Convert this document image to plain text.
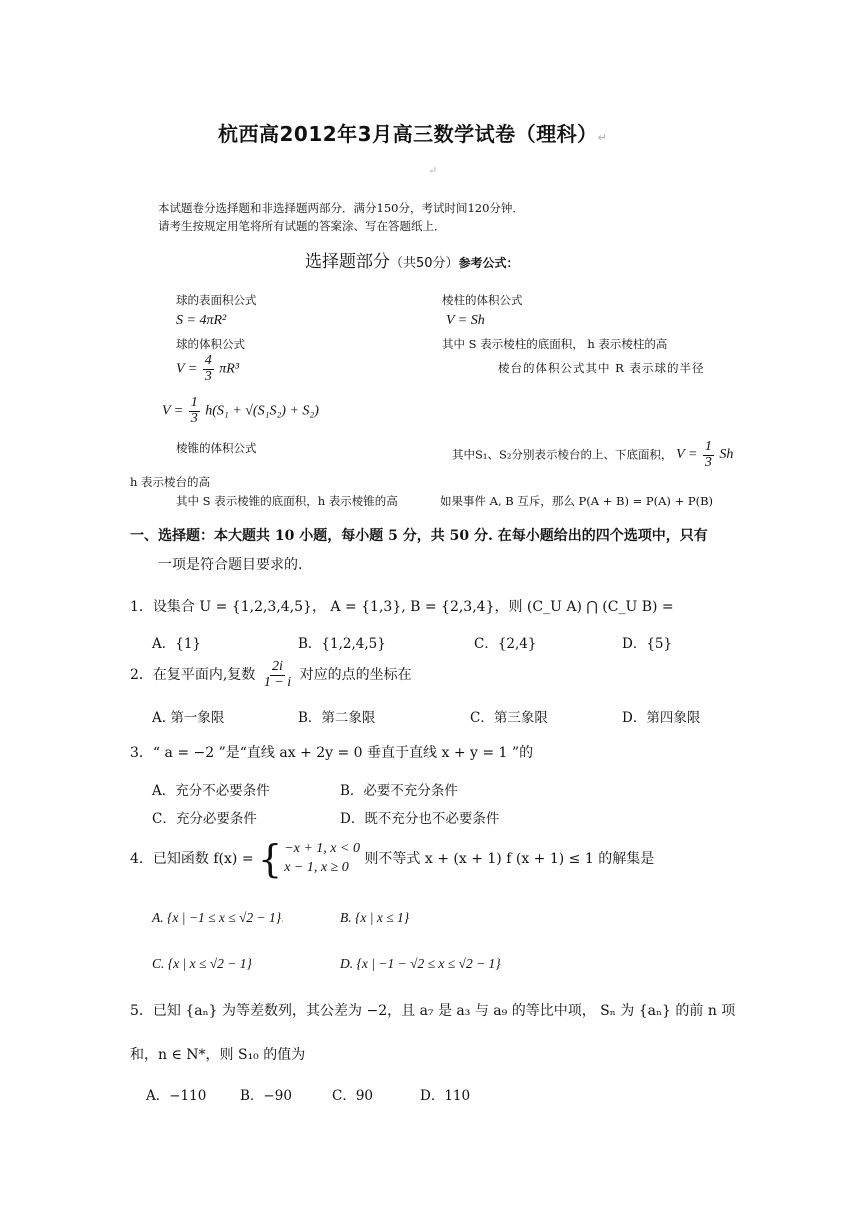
杭西高2012年3月高三数学试卷（理科）↵
↵
本试题卷分选择题和非选择题两部分．满分150分，考试时间120分钟．
请考生按规定用笔将所有试题的答案涂、写在答题纸上．
选择题部分（共50分）参考公式：
球的表面积公式
S = 4πR²
棱柱的体积公式
V = Sh
球的体积公式	其中 S 表示棱柱的底面积， h 表示棱柱的高
$V = \frac{4}{3} \pi R^3$	棱台的体积公式其中 R 表示球的半径
$V = \frac{1}{3} h(S_1 + √(S_1S_2) + S_2)$
棱锥的体积公式	其中S₁、S₂分别表示棱台的上、下底面积， $V = \frac{1}{3}$ Sh
h 表示棱台的高
其中 S 表示棱锥的底面积，h 表示棱锥的高	如果事件 A, B 互斥，那么 P(A + B) = P(A) + P(B)
一、选择题：本大题共 10 小题，每小题 5 分，共 50 分. 在每小题给出的四个选项中，只有
一项是符合题目要求的.
1．设集合 U = {1,2,3,4,5}， A = {1,3}, B = {2,3,4}，则 (C_U A) ⋂ (C_U B) =
A．{1}	B．{1,2,4,5}	C．{2,4}	D．{5}
2．在复平面内,复数 $\frac{2i}{1 - i}$ 对应的点的坐标在
A. 第一象限	B．第二象限	C．第三象限	D．第四象限
3．“ a = −2 ”是“直线 ax + 2y = 0 垂直于直线 x + y = 1 ”的
A．充分不必要条件	B．必要不充分条件
C．充分必要条件	D．既不充分也不必要条件
4．已知函数 f(x) = { −x + 1, x < 0
x − 1, x ≥ 0
则不等式 x + (x + 1) f (x + 1) ≤ 1 的解集是
A. {x | −1 ≤ x ≤ √2 − 1}.	B. {x | x ≤ 1}
C. {x | x ≤ √2 − 1}	D. {x | −1 − √2 ≤ x ≤ √2 − 1}
5．已知 {aₙ} 为等差数列，其公差为 −2，且 a₇ 是 a₃ 与 a₉ 的等比中项， Sₙ 为 {aₙ} 的前 n 项
和，n ∈ N*，则 S₁₀ 的值为
A．−110 B．−90	C．90	D．110
